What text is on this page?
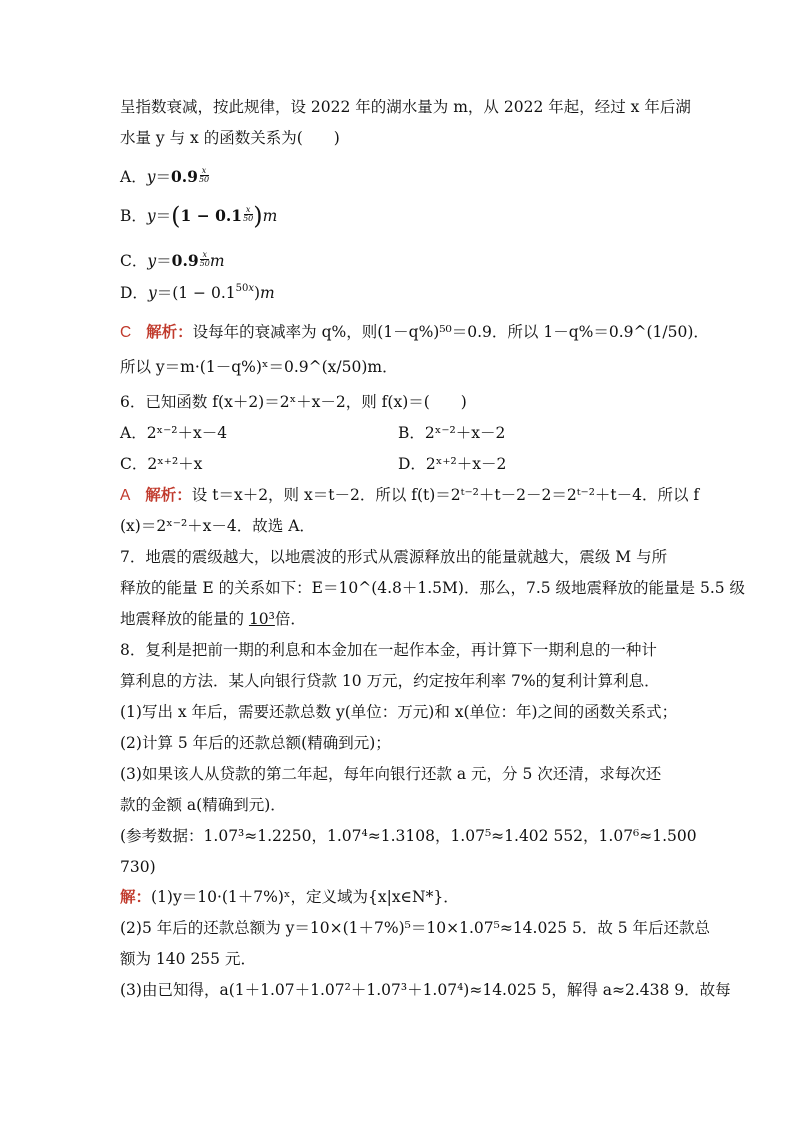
呈指数衰减，按此规律，设 2022 年的湖水量为 m，从 2022 年起，经过 x 年后湖
水量 y 与 x 的函数关系为(　　)
A．$y=0.9 \frac{x}{50}$
B．$y=(1 - 0.1 \frac{x}{50} )m$
C．$y=0.9 \frac{x}{50}$ m
D．$y=(1 - 0.1^{50x})m$
C 解析：设每年的衰减率为 q%，则(1－q%)⁵⁰＝0.9．所以 1－q%＝0.9^(1/50)．
所以 y＝m·(1－q%)ˣ＝0.9^(x/50)m．
6．已知函数 f(x＋2)＝2ˣ＋x－2，则 f(x)＝(　　)
A．2ˣ⁻²＋x－4	B．2ˣ⁻²＋x－2
C．2ˣ⁺²＋x	D．2ˣ⁺²＋x－2
A 解析：设 t＝x＋2，则 x＝t－2．所以 f(t)＝2ᵗ⁻²＋t－2－2＝2ᵗ⁻²＋t－4．所以 f
(x)＝2ˣ⁻²＋x－4．故选 A．
7．地震的震级越大，以地震波的形式从震源释放出的能量就越大，震级 M 与所
释放的能量 E 的关系如下：E＝10^(4.8＋1.5M)．那么，7.5 级地震释放的能量是 5.5 级
地震释放的能量的 10³倍．
8．复利是把前一期的利息和本金加在一起作本金，再计算下一期利息的一种计
算利息的方法．某人向银行贷款 10 万元，约定按年利率 7%的复利计算利息．
(1)写出 x 年后，需要还款总数 y(单位：万元)和 x(单位：年)之间的函数关系式；
(2)计算 5 年后的还款总额(精确到元)；
(3)如果该人从贷款的第二年起，每年向银行还款 a 元，分 5 次还清，求每次还
款的金额 a(精确到元)．
(参考数据：1.07³≈1.2250，1.07⁴≈1.3108，1.07⁵≈1.402 552，1.07⁶≈1.500
730)
解：(1)y＝10·(1＋7%)ˣ，定义域为{x|x∈N*}．
(2)5 年后的还款总额为 y＝10×(1＋7%)⁵＝10×1.07⁵≈14.025 5．故 5 年后还款总
额为 140 255 元．
(3)由已知得，a(1＋1.07＋1.07²＋1.07³＋1.07⁴)≈14.025 5，解得 a≈2.438 9．故每
